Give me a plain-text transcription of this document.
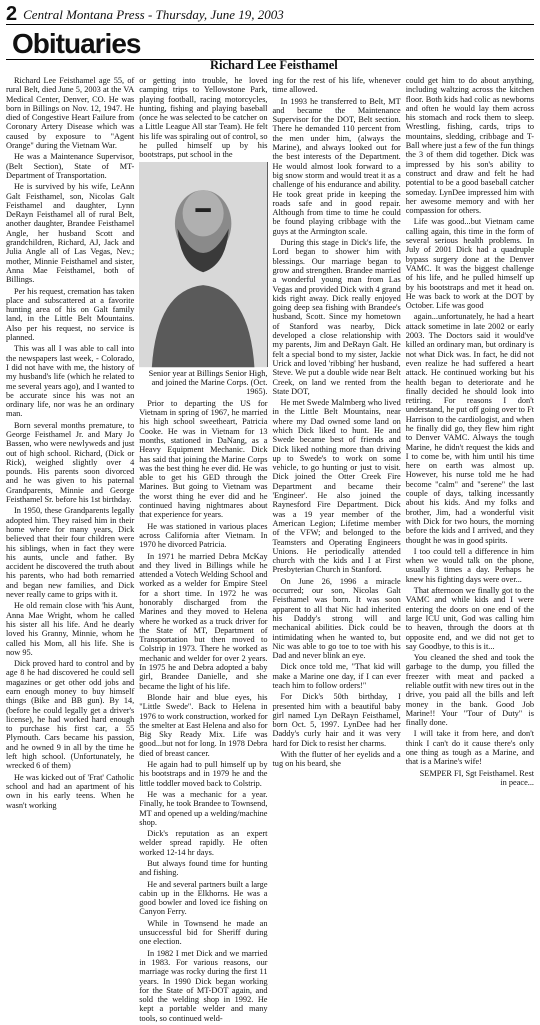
2 Central Montana Press - Thursday, June 19, 2003
Obituaries
Richard Lee Feisthamel

Richard Lee Feisthamel age 55, of rural Belt, died June 5, 2003 at the VA Medical Center, Denver, CO. He was born in Billings on Nov. 12, 1947. He died of Congestive Heart Failure from Coronary Artery Disease which was caused by exposure to "Agent Orange" during the Vietnam War.

He was a Maintenance Supervisor, (Belt Section), State of MT-Department of Transportation.

He is survived by his wife, LeAnn Galt Feisthamel, son, Nicolas Galt Feisthamel and daughter, Lynn DeRayn Feisthamel all of rural Belt, another daughter, Brandee Feisthamel Angle, her husband Scott and grandchildren, Richard, AJ, Jack and Julia Angle all of Las Vegas, Nev.; mother, Minnie Feisthamel and sister, Anna Mae Feisthamel, both of Billings.

Per his request, cremation has taken place and subscattered at a favorite hunting area of his on Galt family land, in the Little Belt Mountains. Also per his request, no service is planned.

This was all I was able to call into the newspapers last week, - Colorado, I did not have with me, the history of my husband's life (which he related to me several years ago), and I wanted to be accurate since his was not an ordinary life, nor was he an ordinary man.

Born several months premature, to George Feisthamel Jr. and Mary Jo Bassen, who were newlyweds and just out of high school. Richard, (Dick or Rick), weighed slightly over 4 pounds. His parents soon divorced and he was given to his paternal Grandparents, Minnie and George Feisthamel Sr. before his 1st birthday.

In 1950, these Grandparents legally adopted him. They raised him in their home where for many years, Dick believed that their four children were his siblings, when in fact they were his aunts, uncle and father. By accident he discovered the truth about his parents, who had both remarried and began new families, and Dick never really came to grips with it.

He old remain close with 'his Aunt, Anna Mae Wright, whom he called his sister all his life. And he dearly loved his Granny, Minnie, whom he called his Mom, all his life. She is now 95.

Dick proved hard to control and by age 8 he had discovered he could sell magazines or get other odd jobs and earn enough money to buy himself things (Bike and BB gun). By 14, (before he could legally get a driver's license), he had worked hard enough to purchase his first car, a 55 Plymouth. Cars became his passion, and he owned 9 in all by the time he left high school. (Unfortunately, he wrecked 6 of them)

He was kicked out of 'Frat' Catholic school and had an apartment of his own in his early teens. When he wasn't working

or getting into trouble, he loved camping trips to Yellowstone Park, playing football, racing motorcycles, hunting, fishing and playing baseball (once he was selected to be catcher on a Little League All star Team). He felt his life was spiraling out of control, so he pulled himself up by his bootstraps, put school in the

Senior year at Billings Senior High, and joined the Marine Corps. (Oct. 1965).

Prior to departing the US for Vietnam in spring of 1967, he married his high school sweetheart, Patricia Cooke. He was in Vietnam for 13 months, stationed in DaNang, as a Heavy Equipment Mechanic. Dick has said that joining the Marine Corps was the best thing he ever did. He was able to get his GED through the Marines. But going to Vietnam was the worst thing he ever did and he continued having nightmares about that experience for years.

He was stationed in various places across California after Vietnam. In 1970 he divorced Patricia.

In 1971 he married Debra McKay and they lived in Billings while he attended a Votech Welding School and worked as a welder for Empire Steel for a short time. In 1972 he was honorably discharged from the Marines and they moved to Helena where he worked as a truck driver for the State of MT, Department of Transportation but then moved to Colstrip in 1973. There he worked as mechanic and welder for over 2 years. In 1975 he and Debra adopted a baby girl, Brandee Danielle, and she became the light of his life.

Blonde hair and blue eyes, his "Little Swede". Back to Helena in 1976 to work construction, worked for the smelter at East Helena and also for Big Sky Ready Mix. Life was good...but not for long. In 1978 Debra died of breast cancer.

He again had to pull himself up by his bootstraps and in 1979 he and the little toddler moved back to Colstrip.

He was a mechanic for a year. Finally, he took Brandee to Townsend, MT and opened up a welding/machine shop.

Dick's reputation as an expert welder spread rapidly. He often worked 12-14 hr days.

But always found time for hunting and fishing.

He and several partners built a large cabin up in the Elkhorns. He was a good bowler and loved ice fishing on Canyon Ferry.

While in Townsend he made an unsuccessful bid for Sheriff during one election.

In 1982 I met Dick and we married in 1983. For various reasons, our marriage was rocky during the first 11 years. In 1990 Dick began working for the State of MT-DOT again, and sold the welding shop in 1992. He kept a portable welder and many tools, so continued weld-

ing for the rest of his life, whenever time allowed.

In 1993 he transferred to Belt, MT and became the Maintenance Supervisor for the DOT, Belt section. There he demanded 110 percent from the men under him, (always the Marine), and always looked out for the best interests of the Department. He would almost look forward to a big snow storm and would treat it as a challenge of his endurance and ability. He took great pride in keeping the roads safe and in good repair. Although from time to time he could be found playing cribbage with the guys at the Armington scale.

During this stage in Dick's life, the Lord began to shower him with blessings. Our marriage began to grow and strengthen. Brandee married a wonderful young man from Las Vegas and provided Dick with 4 grand kids right away. Dick really enjoyed going deep sea fishing with Brandee's husband, Scott. Since my hometown of Stanford was nearby, Dick developed a close relationship with my parents, Jim and DeRayn Galt. He felt a special bond to my sister, Jackie Urick and loved 'ribbing' her husband, Steve. We put a double wide near Belt Creek, on land we rented from the State DOT,

He met Swede Malmberg who lived in the Little Belt Mountains, near where my Dad owned some land on which Dick liked to hunt. He and Swede became best of friends and Dick liked nothing more than driving up to Swede's to work on some vehicle, to go hunting or just to visit. Dick joined the Otter Creek Fire Department and became their 'Engineer'. He also joined the Raynesford Fire Department. Dick was a 19 year member of the American Legion; Lifetime member of the VFW; and belonged to the Teamsters and Operating Engineers Unions. He periodically attended church with the kids and I at First Presbyterian Church in Stanford.

On June 26, 1996 a miracle occurred; our son, Nicolas Galt Feisthamel was born. It was soon apparent to all that Nic had inherited his Daddy's strong will and mechanical abilities. Dick could be intimidating when he wanted to, but Nic was able to go toe to toe with his Dad and never blink an eye.

Dick once told me, "That kid will make a Marine one day, if I can ever teach him to follow orders!"

For Dick's 50th birthday, I presented him with a beautiful baby girl named Lyn DeRayn Feisthamel, born Oct. 5, 1997. LynDee had her Daddy's curly hair and it was very hard for Dick to resist her charms.

With the flutter of her eyelids and a tug on his beard, she

could get him to do about anything, including waltzing across the kitchen floor. Both kids had colic as newborns and often he would lay them across his stomach and rock them to sleep. Wrestling, fishing, cards, trips to mountains, sledding, cribbage and T-Ball where just a few of the fun things the 3 of them did together. Dick was impressed by his son's ability to construct and draw and felt he had potential to be a good baseball catcher someday. LynDee impressed him with her awesome memory and with her compassion for others.

Life was good...but Vietnam came calling again, this time in the form of several serious health problems. In July of 2001 Dick had a quadruple bypass surgery done at the Denver VAMC. It was the biggest challenge of his life, and he pulled himself up by his bootstraps and met it head on. He was back to work at the DOT by October. Life was good

again...unfortunately, he had a heart attack sometime in late 2002 or early 2003. The Doctors said it would've killed an ordinary man, but ordinary is not what Dick was. In fact, he did not even realize he had suffered a heart attack. He continued working but his health began to deteriorate and he finally decided he should look into retiring. For reasons I don't understand, he put off going over to Ft Harrison to the cardiologist, and when he finally did go, they flew him right to Denver VAMC. Always the tough Marine, he didn't request the kids and I to come be, with him until his time here on earth was almost up. However, his nurse told me he had become "calm" and "serene" the last couple of days, talking incessantly about his kids. And my folks and brother, Jim, had a wonderful visit with Dick for two hours, the morning before the kids and I arrived, and they thought he was in good spirits.

I too could tell a difference in him when we would talk on the phone, usually 3 times a day. Perhaps he knew his fighting days were over...

That afternoon we finally got to the VAMC and while kids and I were entering the doors on one end of the large ICU unit, God was calling him to heaven, through the doors at th opposite end, and we did not get to say Goodbye, to this is it...

You cleaned the shed and took the garbage to the dump, you filled the freezer with meat and packed a reliable outfit with new tires out in the drive, you paid all the bills and left money in the bank. Good Job Marine!! Your "Tour of Duty" is finally done.

I will take it from here, and don't think I can't do it cause there's only one thing as tough as a Marine, and that is a Marine's wife!

SEMPER FI, Sgt Feisthamel. Rest in peace...
